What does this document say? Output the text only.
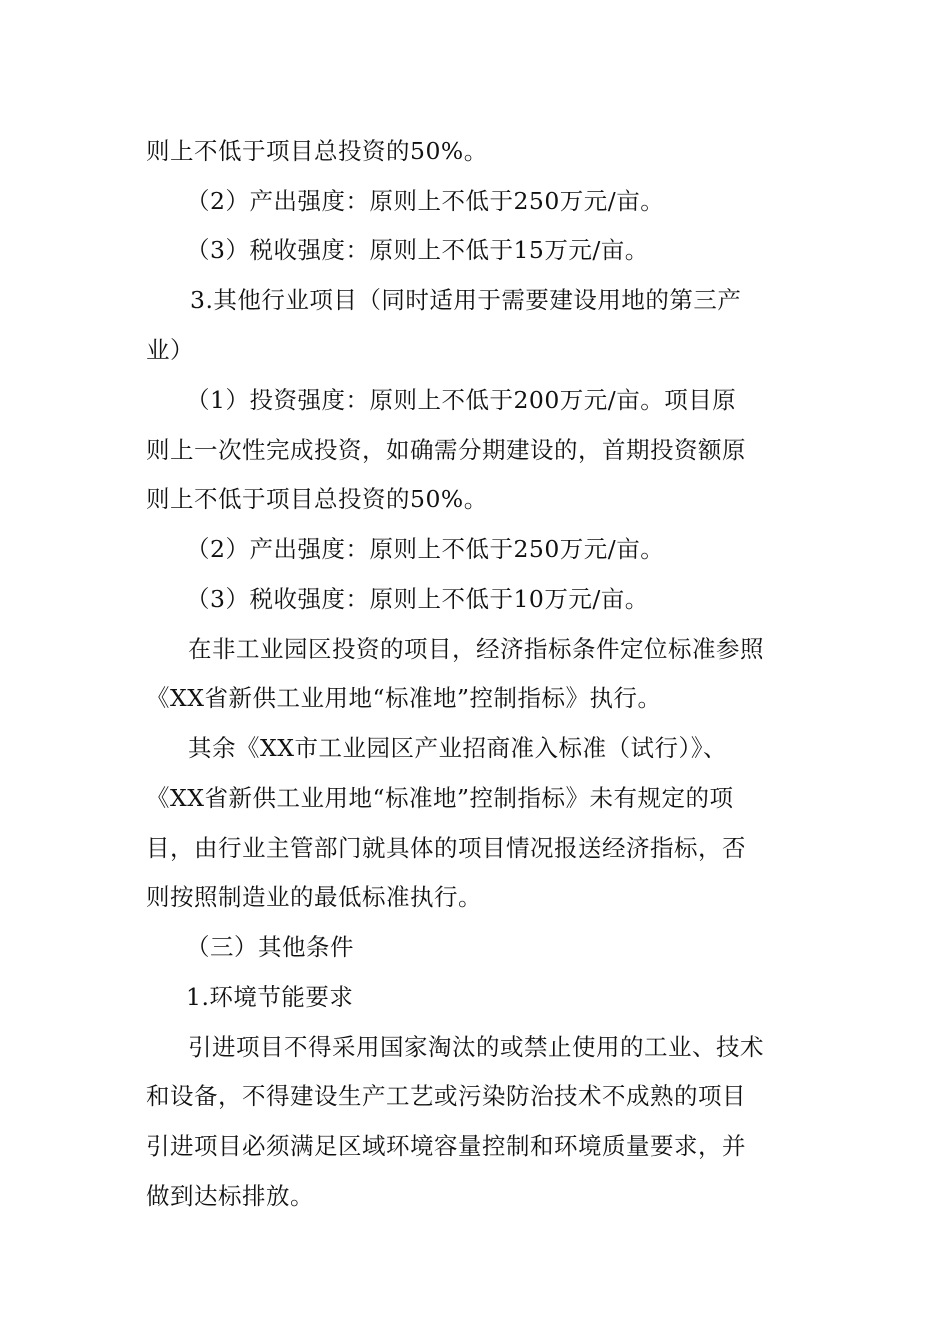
则上不低于项目总投资的50%。
（2）产出强度：原则上不低于250万元/亩。
（3）税收强度：原则上不低于15万元/亩。
3.其他行业项目（同时适用于需要建设用地的第三产
业）
（1）投资强度：原则上不低于200万元/亩。项目原
则上一次性完成投资，如确需分期建设的，首期投资额原
则上不低于项目总投资的50%。
（2）产出强度：原则上不低于250万元/亩。
（3）税收强度：原则上不低于10万元/亩。
在非工业园区投资的项目，经济指标条件定位标准参照
《XX省新供工业用地“标准地”控制指标》执行。
其余《XX市工业园区产业招商准入标准（试行）》、
《XX省新供工业用地“标准地”控制指标》未有规定的项
目，由行业主管部门就具体的项目情况报送经济指标，否
则按照制造业的最低标准执行。
（三）其他条件
1.环境节能要求
引进项目不得采用国家淘汰的或禁止使用的工业、技术
和设备，不得建设生产工艺或污染防治技术不成熟的项目
引进项目必须满足区域环境容量控制和环境质量要求，并
做到达标排放。
